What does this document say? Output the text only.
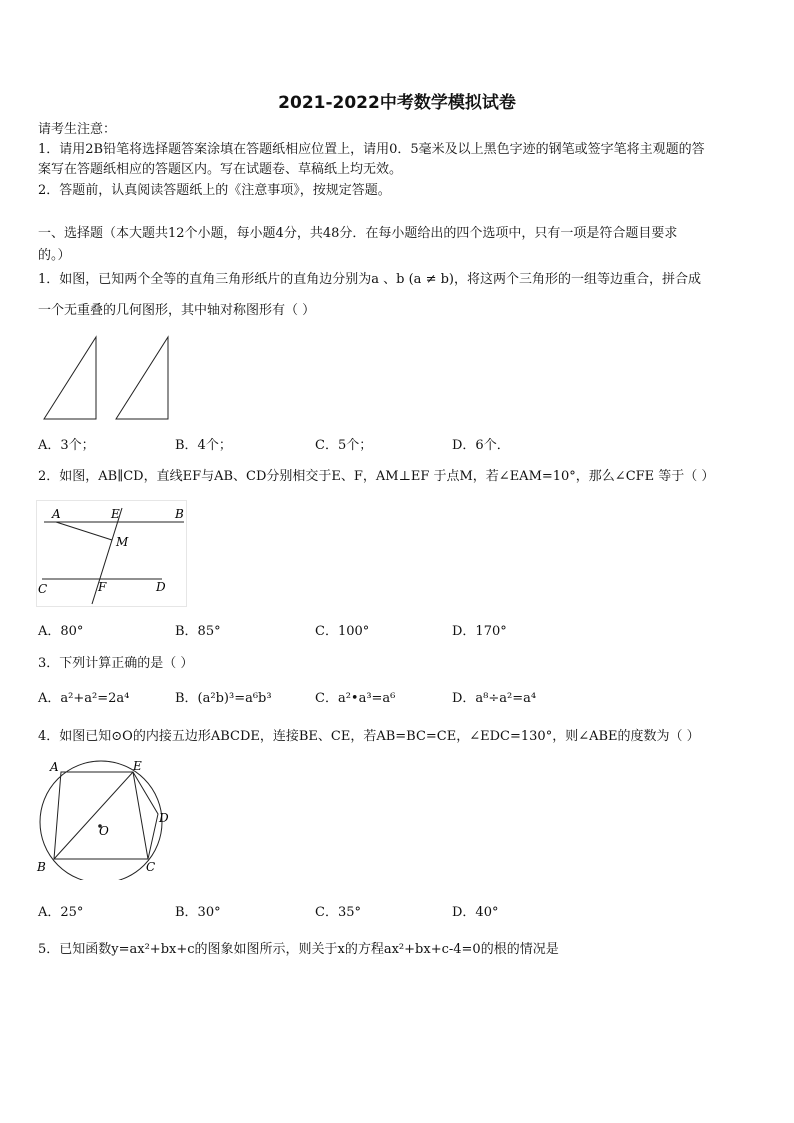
2021-2022中考数学模拟试卷
请考生注意：
1．请用2B铅笔将选择题答案涂填在答题纸相应位置上，请用0．5毫米及以上黑色字迹的钢笔或签字笔将主观题的答
案写在答题纸相应的答题区内。写在试题卷、草稿纸上均无效。
2．答题前，认真阅读答题纸上的《注意事项》，按规定答题。
一、选择题（本大题共12个小题，每小题4分，共48分．在每小题给出的四个选项中，只有一项是符合题目要求
的。）
1．如图，已知两个全等的直角三角形纸片的直角边分别为a 、b (a ≠ b)，将这两个三角形的一组等边重合，拼合成
一个无重叠的几何图形，其中轴对称图形有（ ）
A．3个；	B．4个；	C．5个；	D．6个．
2．如图，AB∥CD，直线EF与AB、CD分别相交于E、F，AM⊥EF 于点M，若∠EAM=10°，那么∠CFE 等于（ ）
A	E	B
M
C	F	D
A．80°	B．85°	C．100°	D．170°
3．下列计算正确的是（ ）
A．a²+a²=2a⁴	B．(a²b)³=a⁶b³	C．a²•a³=a⁶	D．a⁸÷a²=a⁴
4．如图已知⊙O的内接五边形ABCDE，连接BE、CE，若AB=BC=CE，∠EDC=130°，则∠ABE的度数为（ ）
A	E
D
O
B	C
A．25°	B．30°	C．35°	D．40°
5．已知函数y=ax²+bx+c的图象如图所示，则关于x的方程ax²+bx+c-4=0的根的情况是
